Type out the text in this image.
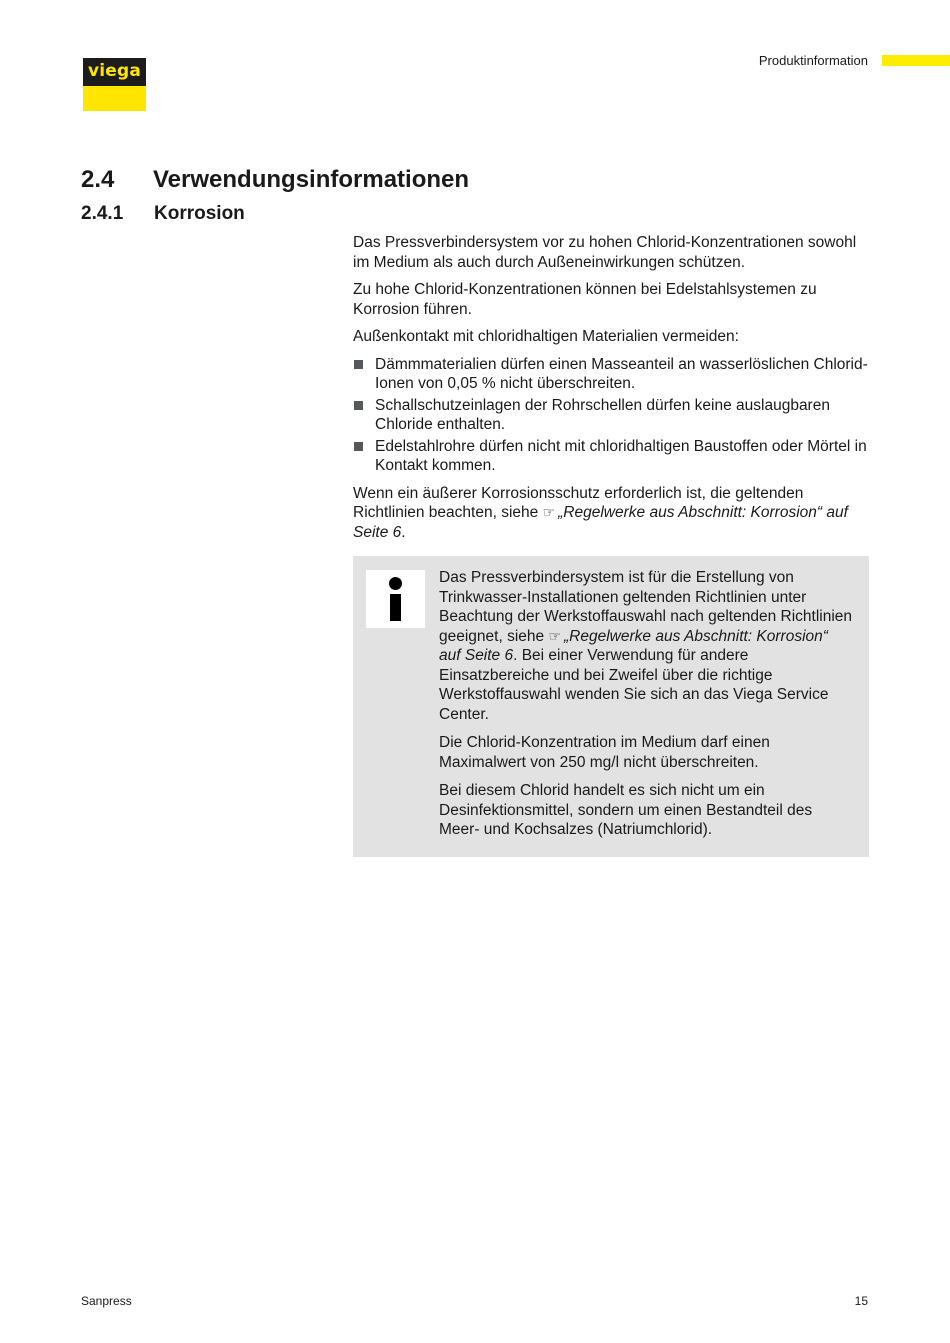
viega
Produktinformation
2.4 Verwendungsinformationen
2.4.1 Korrosion

Das Pressverbindersystem vor zu hohen Chlorid-Konzentrationen sowohl im Medium als auch durch Außeneinwirkungen schützen.

Zu hohe Chlorid-Konzentrationen können bei Edelstahlsystemen zu Korrosion führen.

Außenkontakt mit chloridhaltigen Materialien vermeiden:

Dämmmaterialien dürfen einen Masseanteil an wasserlöslichen Chlorid-Ionen von 0,05 % nicht überschreiten.
Schallschutzeinlagen der Rohrschellen dürfen keine auslaugbaren Chloride enthalten.
Edelstahlrohre dürfen nicht mit chloridhaltigen Baustoffen oder Mörtel in Kontakt kommen.

Wenn ein äußerer Korrosionsschutz erforderlich ist, die geltenden Richtlinien beachten, siehe ☞ „Regelwerke aus Abschnitt: Korrosion“ auf Seite 6.

Das Pressverbindersystem ist für die Erstellung von Trinkwasser-Installationen geltenden Richtlinien unter Beachtung der Werkstoffauswahl nach geltenden Richtlinien geeignet, siehe ☞ „Regelwerke aus Abschnitt: Korrosion“ auf Seite 6. Bei einer Verwendung für andere Einsatzbereiche und bei Zweifel über die richtige Werkstoffauswahl wenden Sie sich an das Viega Service Center.

Die Chlorid-Konzentration im Medium darf einen Maximalwert von 250 mg/l nicht überschreiten.

Bei diesem Chlorid handelt es sich nicht um ein Desinfektionsmittel, sondern um einen Bestandteil des Meer- und Kochsalzes (Natriumchlorid).

Sanpress	15
